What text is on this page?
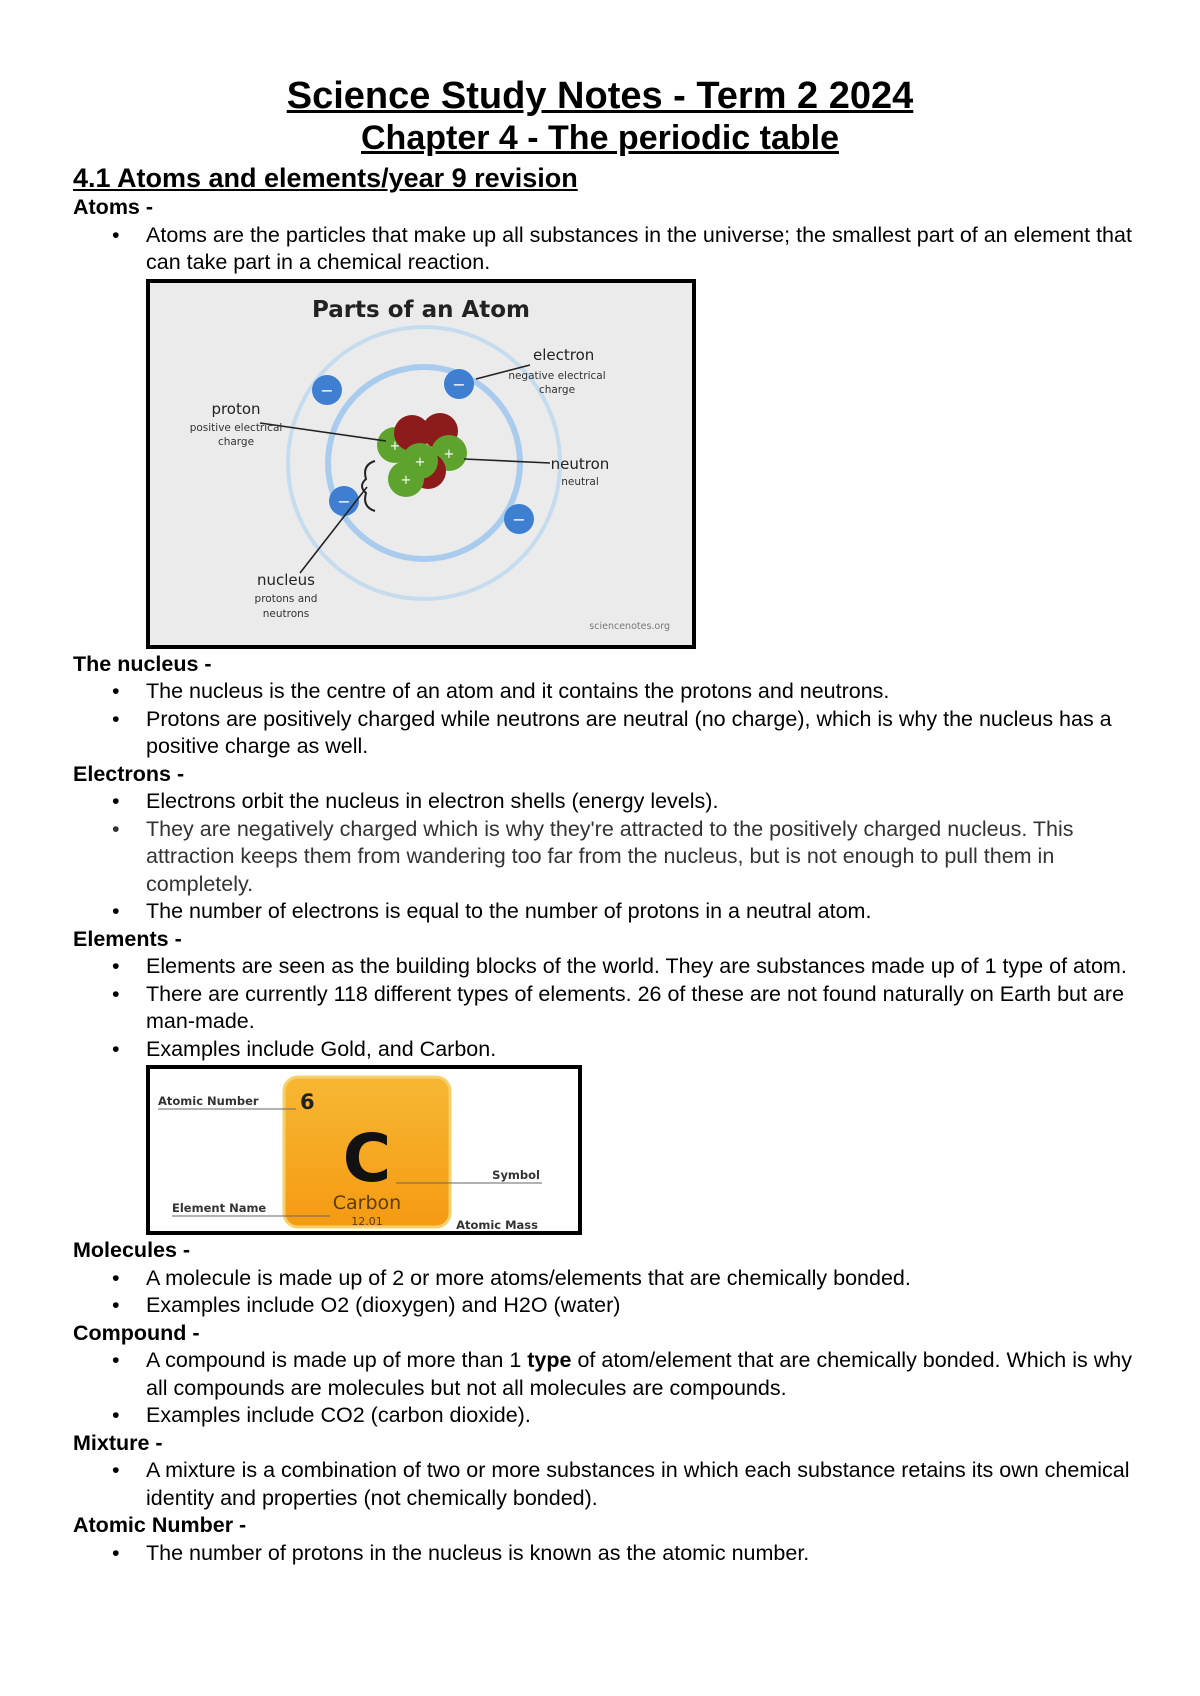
Science Study Notes - Term 2 2024
Chapter 4 - The periodic table
4.1 Atoms and elements/year 9 revision

Atoms -

• Atoms are the particles that make up all substances in the universe; the smallest part of an element that can take part in a chemical reaction.
Parts of an Atom
−	−
−
−
+
+
+
+
electron
negative electrical
charge
proton
positive electrical
charge
neutron
neutral
nucleus
protons and
neutrons
sciencenotes.org

The nucleus -

• The nucleus is the centre of an atom and it contains the protons and neutrons.
• Protons are positively charged while neutrons are neutral (no charge), which is why the nucleus has a positive charge as well.

Electrons -

• Electrons orbit the nucleus in electron shells (energy levels).
• They are negatively charged which is why they're attracted to the positively charged nucleus. This attraction keeps them from wandering too far from the nucleus, but is not enough to pull them in completely.
• The number of electrons is equal to the number of protons in a neutral atom.

Elements -

• Elements are seen as the building blocks of the world. They are substances made up of 1 type of atom.
• There are currently 118 different types of elements. 26 of these are not found naturally on Earth but are man-made.
• Examples include Gold, and Carbon.
6
C
Carbon
12.01
Atomic Number
Symbol
Element Name
Atomic Mass

Molecules -

• A molecule is made up of 2 or more atoms/elements that are chemically bonded.
• Examples include O2 (dioxygen) and H2O (water)

Compound -

• A compound is made up of more than 1 type of atom/element that are chemically bonded. Which is why all compounds are molecules but not all molecules are compounds.
• Examples include CO2 (carbon dioxide).

Mixture -

• A mixture is a combination of two or more substances in which each substance retains its own chemical identity and properties (not chemically bonded).

Atomic Number -

• The number of protons in the nucleus is known as the atomic number.
